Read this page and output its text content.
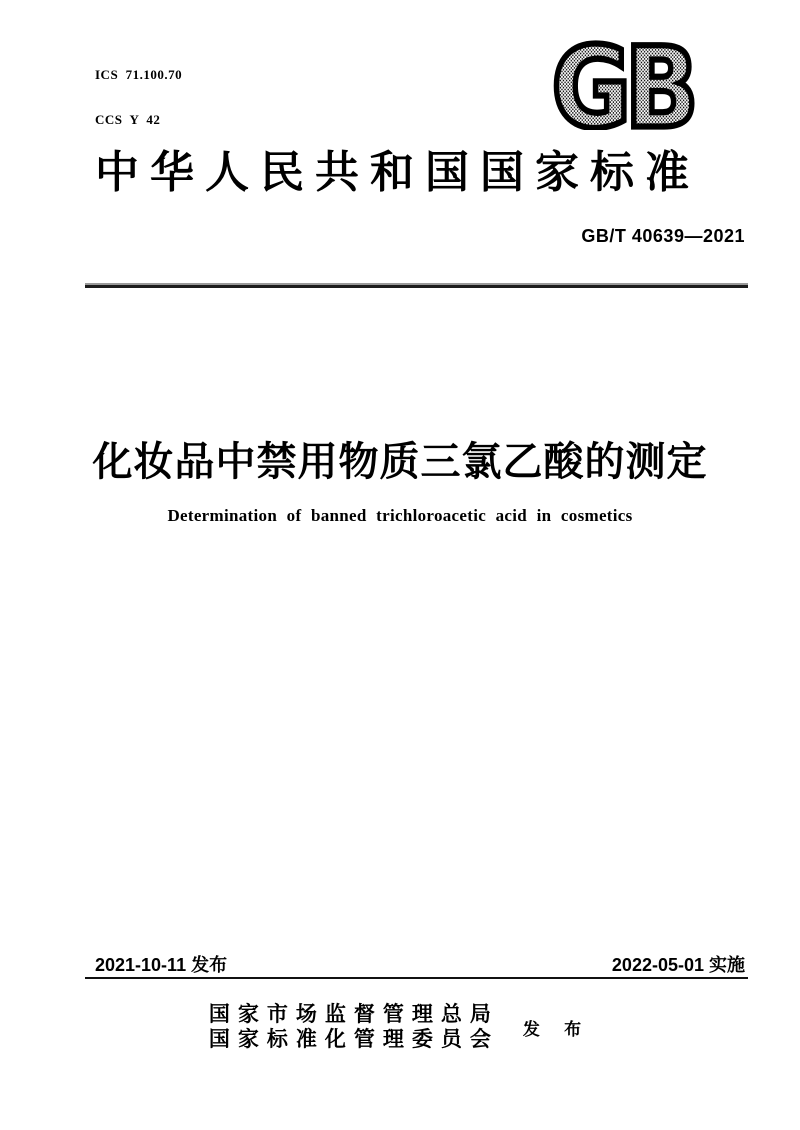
ICS  71.100.70

CCS  Y  42

	GB
中华人民共和国国家标准
GB/T 40639—2021
化妆品中禁用物质三氯乙酸的测定
Determination of banned trichloroacetic acid in cosmetics
2021-10-11 发布	2022-05-01 实施
国家市场监督管理总局
国家标准化管理委员会 发 布
